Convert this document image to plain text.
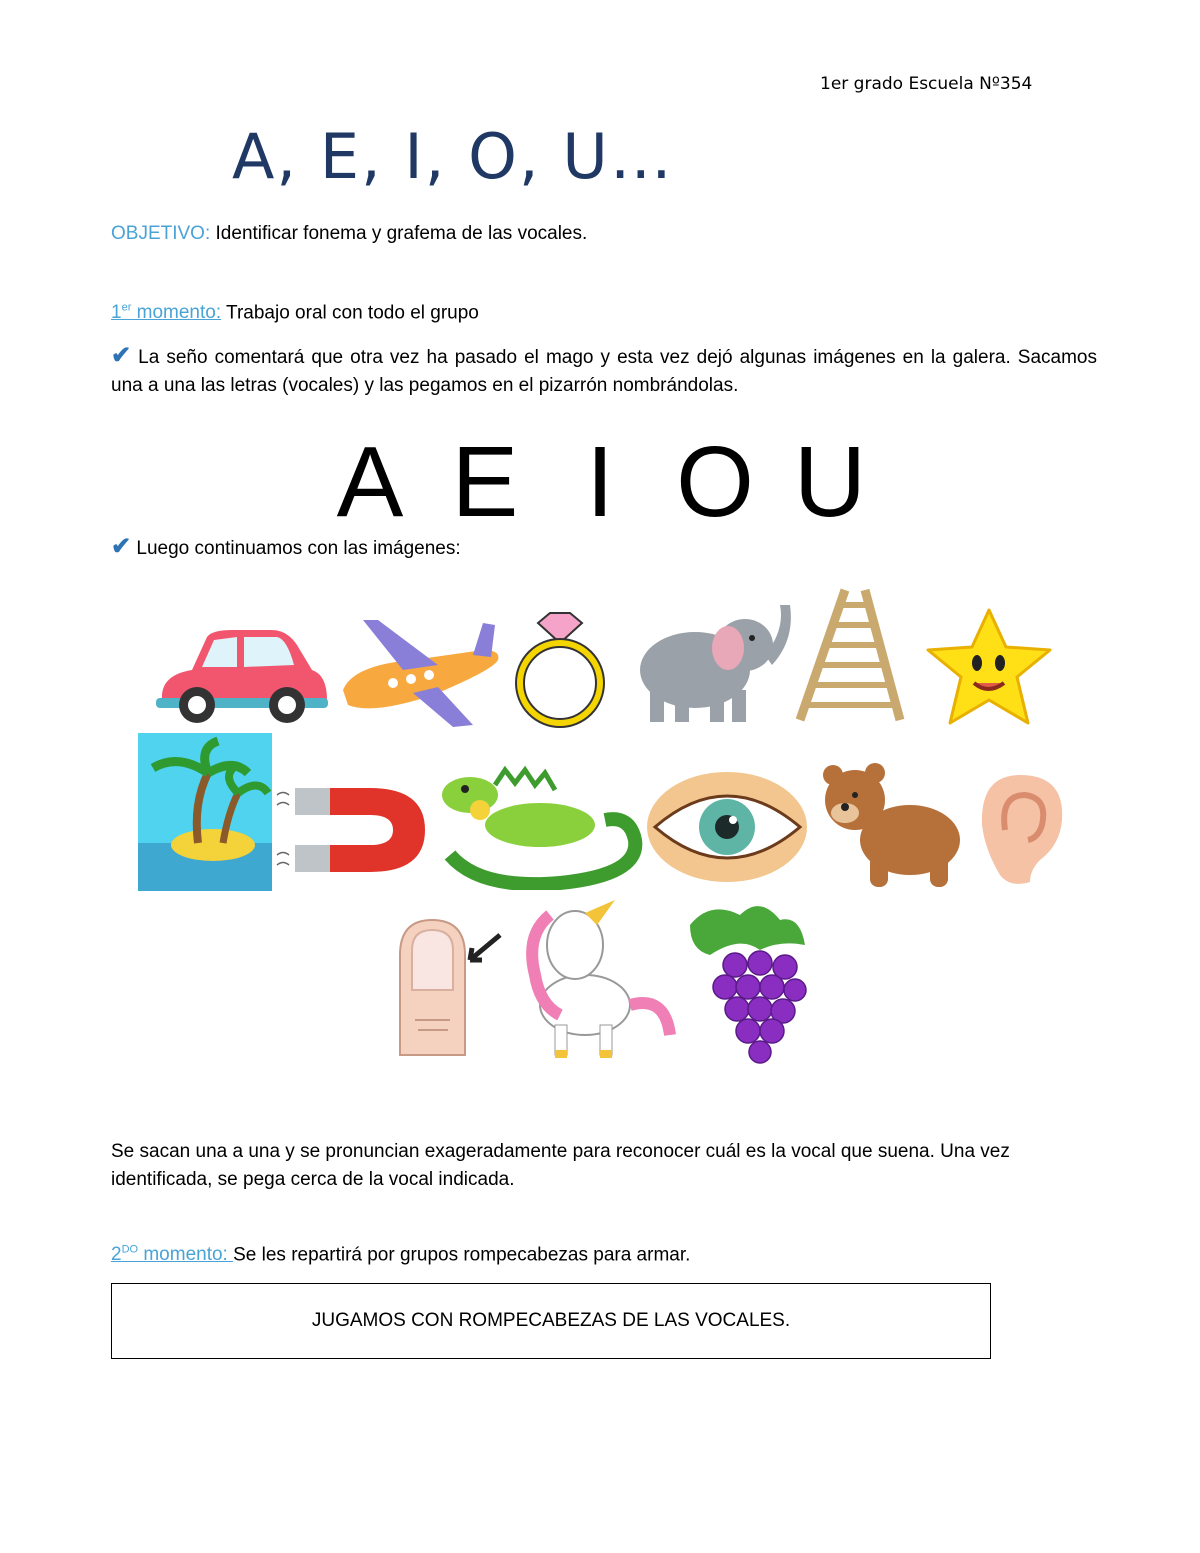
1er grado Escuela Nº354
A, E, I, O, U…
OBJETIVO: Identificar fonema y grafema de las vocales.
1er momento: Trabajo oral con todo el grupo
✔ La seño comentará que otra vez ha pasado el mago y esta vez dejó algunas imágenes en la galera. Sacamos una a una las letras (vocales) y las pegamos en el pizarrón nombrándolas.
A E I O U
✔ Luego continuamos con las imágenes:
Se sacan una a una y se pronuncian exageradamente para reconocer cuál es la vocal que suena. Una vez identificada, se pega cerca de la vocal indicada.
$2^{DO}$ momento: Se les repartirá por grupos rompecabezas para armar.
JUGAMOS CON ROMPECABEZAS DE LAS VOCALES.
